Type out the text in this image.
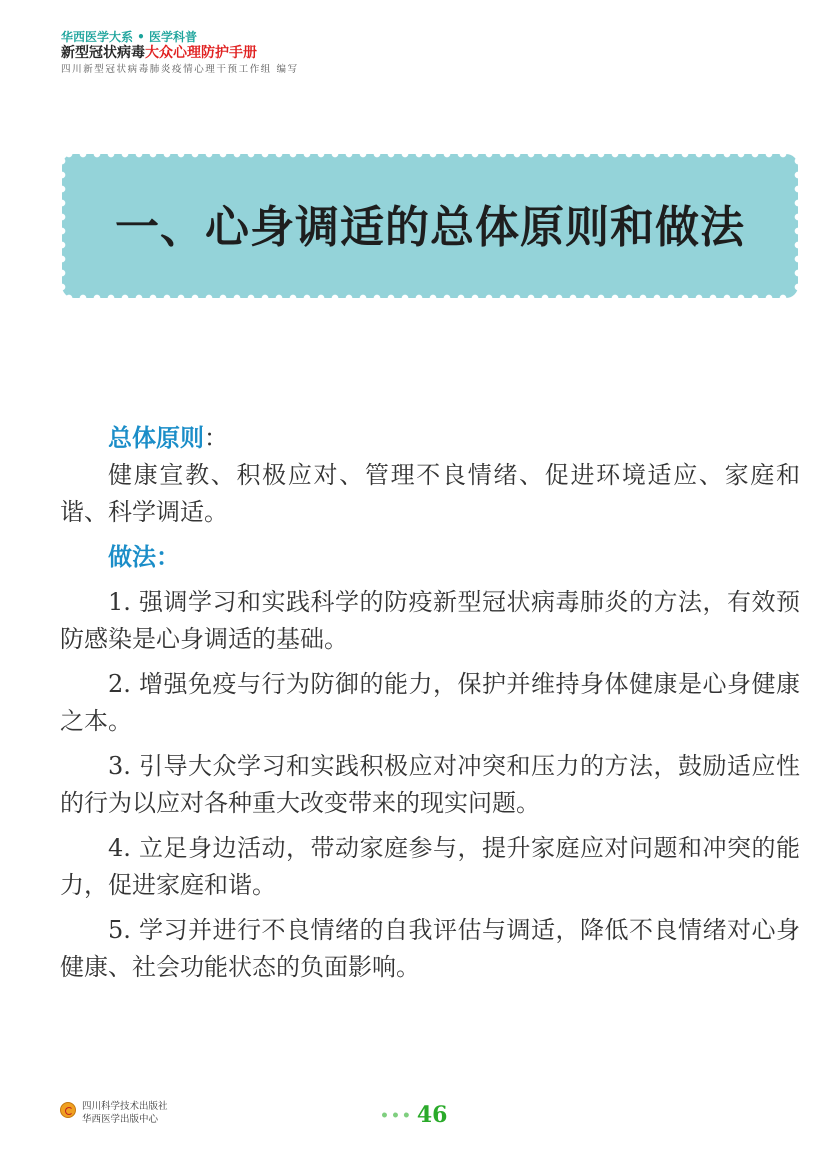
华西医学大系 • 医学科普
新型冠状病毒大众心理防护手册
四川新型冠状病毒肺炎疫情心理干预工作组 编写
一、心身调适的总体原则和做法

总体原则：

健康宣教、积极应对、管理不良情绪、促进环境适应、家庭和谐、科学调适。

做法：

1. 强调学习和实践科学的防疫新型冠状病毒肺炎的方法，有效预防感染是心身调适的基础。

2. 增强免疫与行为防御的能力，保护并维持身体健康是心身健康之本。

3. 引导大众学习和实践积极应对冲突和压力的方法，鼓励适应性的行为以应对各种重大改变带来的现实问题。

4. 立足身边活动，带动家庭参与，提升家庭应对问题和冲突的能力，促进家庭和谐。

5. 学习并进行不良情绪的自我评估与调适，降低不良情绪对心身健康、社会功能状态的负面影响。

四川科学技术出版社
华西医学出版中心	••• 46
